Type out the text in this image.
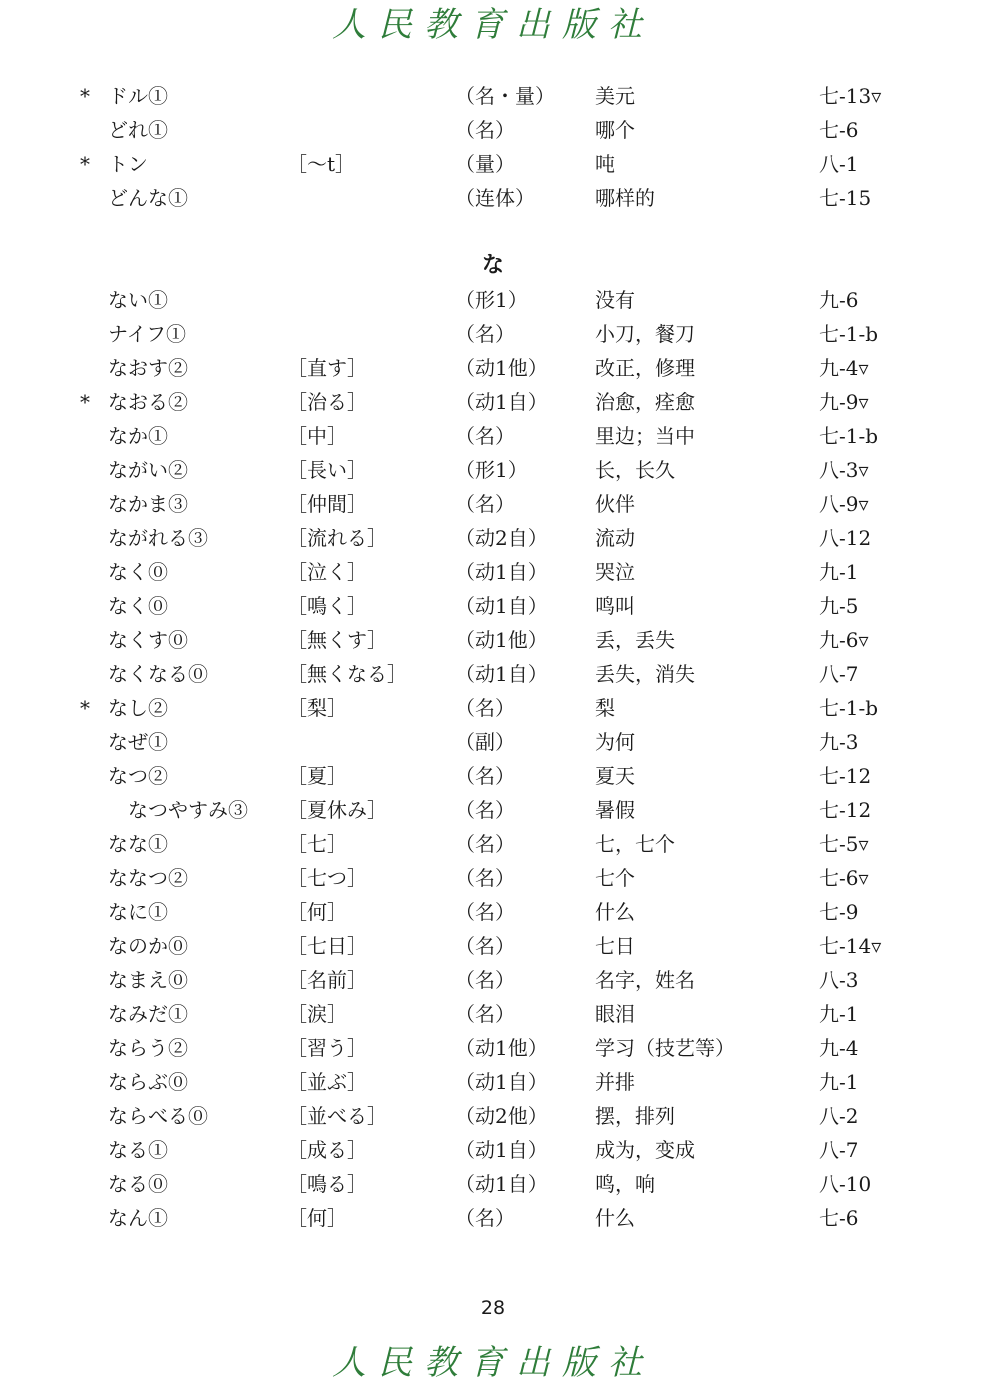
人民教育出版社
* ドル①	（名・量） 美元	七-13▿
どれ①	（名）	哪个	七-6
* トン	［～t］	（量）	吨	八-1
どんな①	（连体）	哪样的	七-15
な
ない①	（形1）	没有	九-6
ナイフ①	（名）	小刀，餐刀	七-1-b
なおす②	［直す］	（动1他） 改正，修理	九-4▿
* なおる②	［治る］	（动1自） 治愈，痊愈	九-9▿
なか①	［中］	（名）	里边；当中	七-1-b
ながい②	［長い］	（形1）	长，长久	八-3▿
なかま③	［仲間］	（名）	伙伴	八-9▿
ながれる③	［流れる］	（动2自） 流动	八-12
なく⓪	［泣く］	（动1自） 哭泣	九-1
なく⓪	［鳴く］	（动1自） 鸣叫	九-5
なくす⓪	［無くす］	（动1他） 丢，丢失	九-6▿
なくなる⓪	［無くなる］ （动1自） 丢失，消失	八-7
* なし②	［梨］	（名）	梨	七-1-b
なぜ①	（副）	为何	九-3
なつ②	［夏］	（名）	夏天	七-12
なつやすみ③ ［夏休み］	（名）	暑假	七-12
なな①	［七］	（名）	七，七个	七-5▿
ななつ②	［七つ］	（名）	七个	七-6▿
なに①	［何］	（名）	什么	七-9
なのか⓪	［七日］	（名）	七日	七-14▿
なまえ⓪	［名前］	（名）	名字，姓名	八-3
なみだ①	［涙］	（名）	眼泪	九-1
ならう②	［習う］	（动1他） 学习（技艺等）	九-4
ならぶ⓪	［並ぶ］	（动1自） 并排	九-1
ならべる⓪	［並べる］	（动2他） 摆，排列	八-2
なる①	［成る］	（动1自） 成为，变成	八-7
なる⓪	［鳴る］	（动1自） 鸣，响	八-10
なん①	［何］	（名）	什么	七-6
28
人民教育出版社
